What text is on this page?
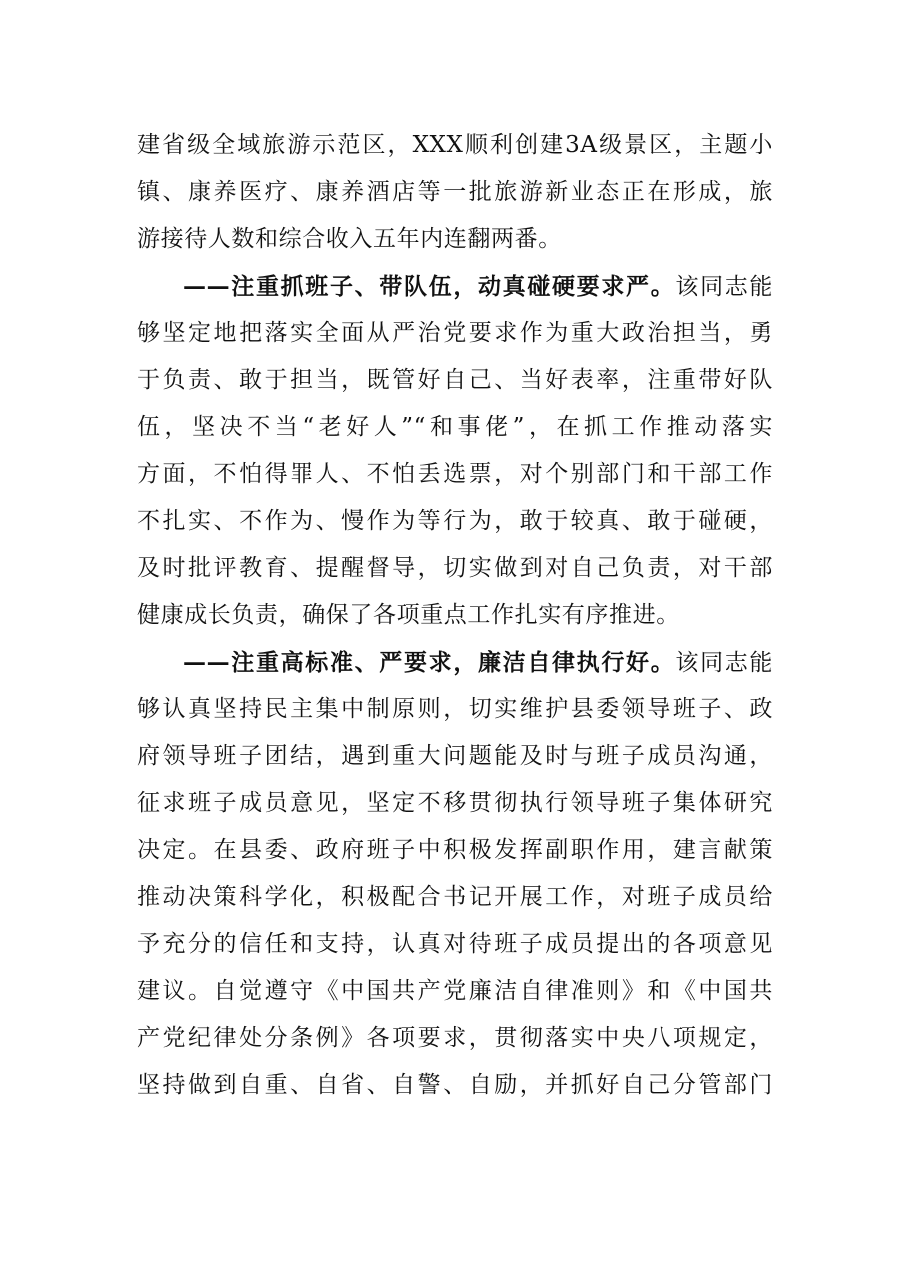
建省级全域旅游示范区，XXX顺利创建3A级景区，主题小
镇、康养医疗、康养酒店等一批旅游新业态正在形成，旅
游接待人数和综合收入五年内连翻两番。
——注重抓班子、带队伍，动真碰硬要求严。该同志能
够坚定地把落实全面从严治党要求作为重大政治担当，勇
于负责、敢于担当，既管好自己、当好表率，注重带好队
伍，坚决不当“老好人”“和事佬”，在抓工作推动落实
方面，不怕得罪人、不怕丢选票，对个别部门和干部工作
不扎实、不作为、慢作为等行为，敢于较真、敢于碰硬，
及时批评教育、提醒督导，切实做到对自己负责，对干部
健康成长负责，确保了各项重点工作扎实有序推进。
——注重高标准、严要求，廉洁自律执行好。该同志能
够认真坚持民主集中制原则，切实维护县委领导班子、政
府领导班子团结，遇到重大问题能及时与班子成员沟通，
征求班子成员意见，坚定不移贯彻执行领导班子集体研究
决定。在县委、政府班子中积极发挥副职作用，建言献策
推动决策科学化，积极配合书记开展工作，对班子成员给
予充分的信任和支持，认真对待班子成员提出的各项意见
建议。自觉遵守《中国共产党廉洁自律准则》和《中国共
产党纪律处分条例》各项要求，贯彻落实中央八项规定，
坚持做到自重、自省、自警、自励，并抓好自己分管部门
